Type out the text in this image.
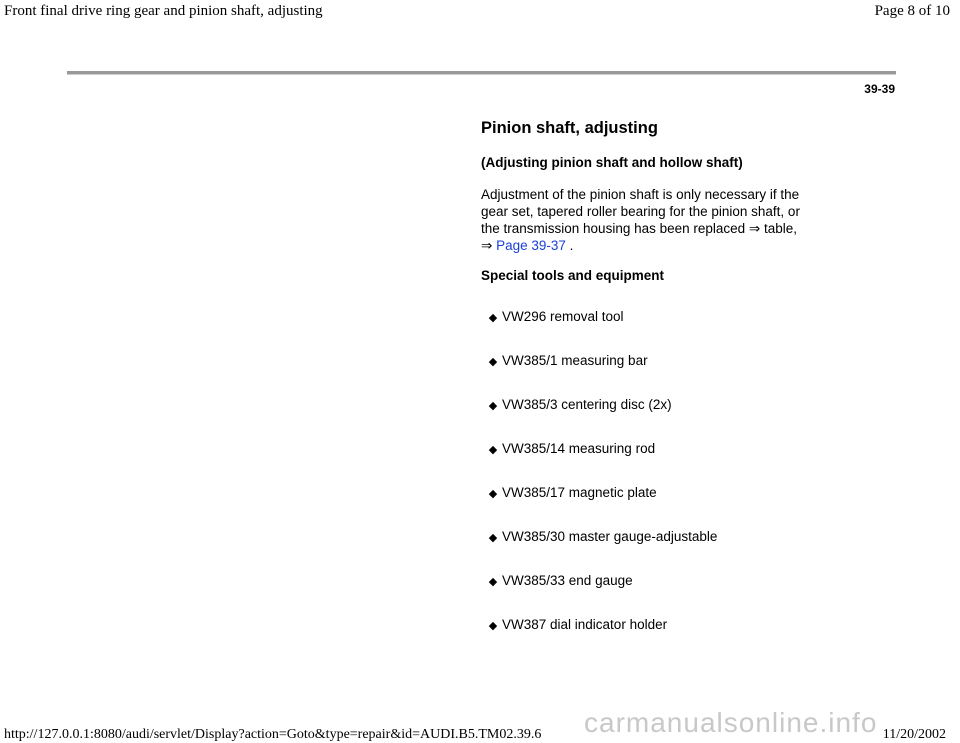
Front final drive ring gear and pinion shaft, adjusting	Page 8 of 10
39-39
Pinion shaft, adjusting
(Adjusting pinion shaft and hollow shaft)

Adjustment of the pinion shaft is only necessary if the gear set, tapered roller bearing for the pinion shaft, or the transmission housing has been replaced ⇒ table, ⇒ Page 39-37 .

Special tools and equipment
◆ VW296 removal tool
◆ VW385/1 measuring bar
◆ VW385/3 centering disc (2x)
◆ VW385/14 measuring rod
◆ VW385/17 magnetic plate
◆ VW385/30 master gauge-adjustable
◆ VW385/33 end gauge
◆ VW387 dial indicator holder
carmanualsonline.info
http://127.0.0.1:8080/audi/servlet/Display?action=Goto&type=repair&id=AUDI.B5.TM02.39.6	11/20/2002
